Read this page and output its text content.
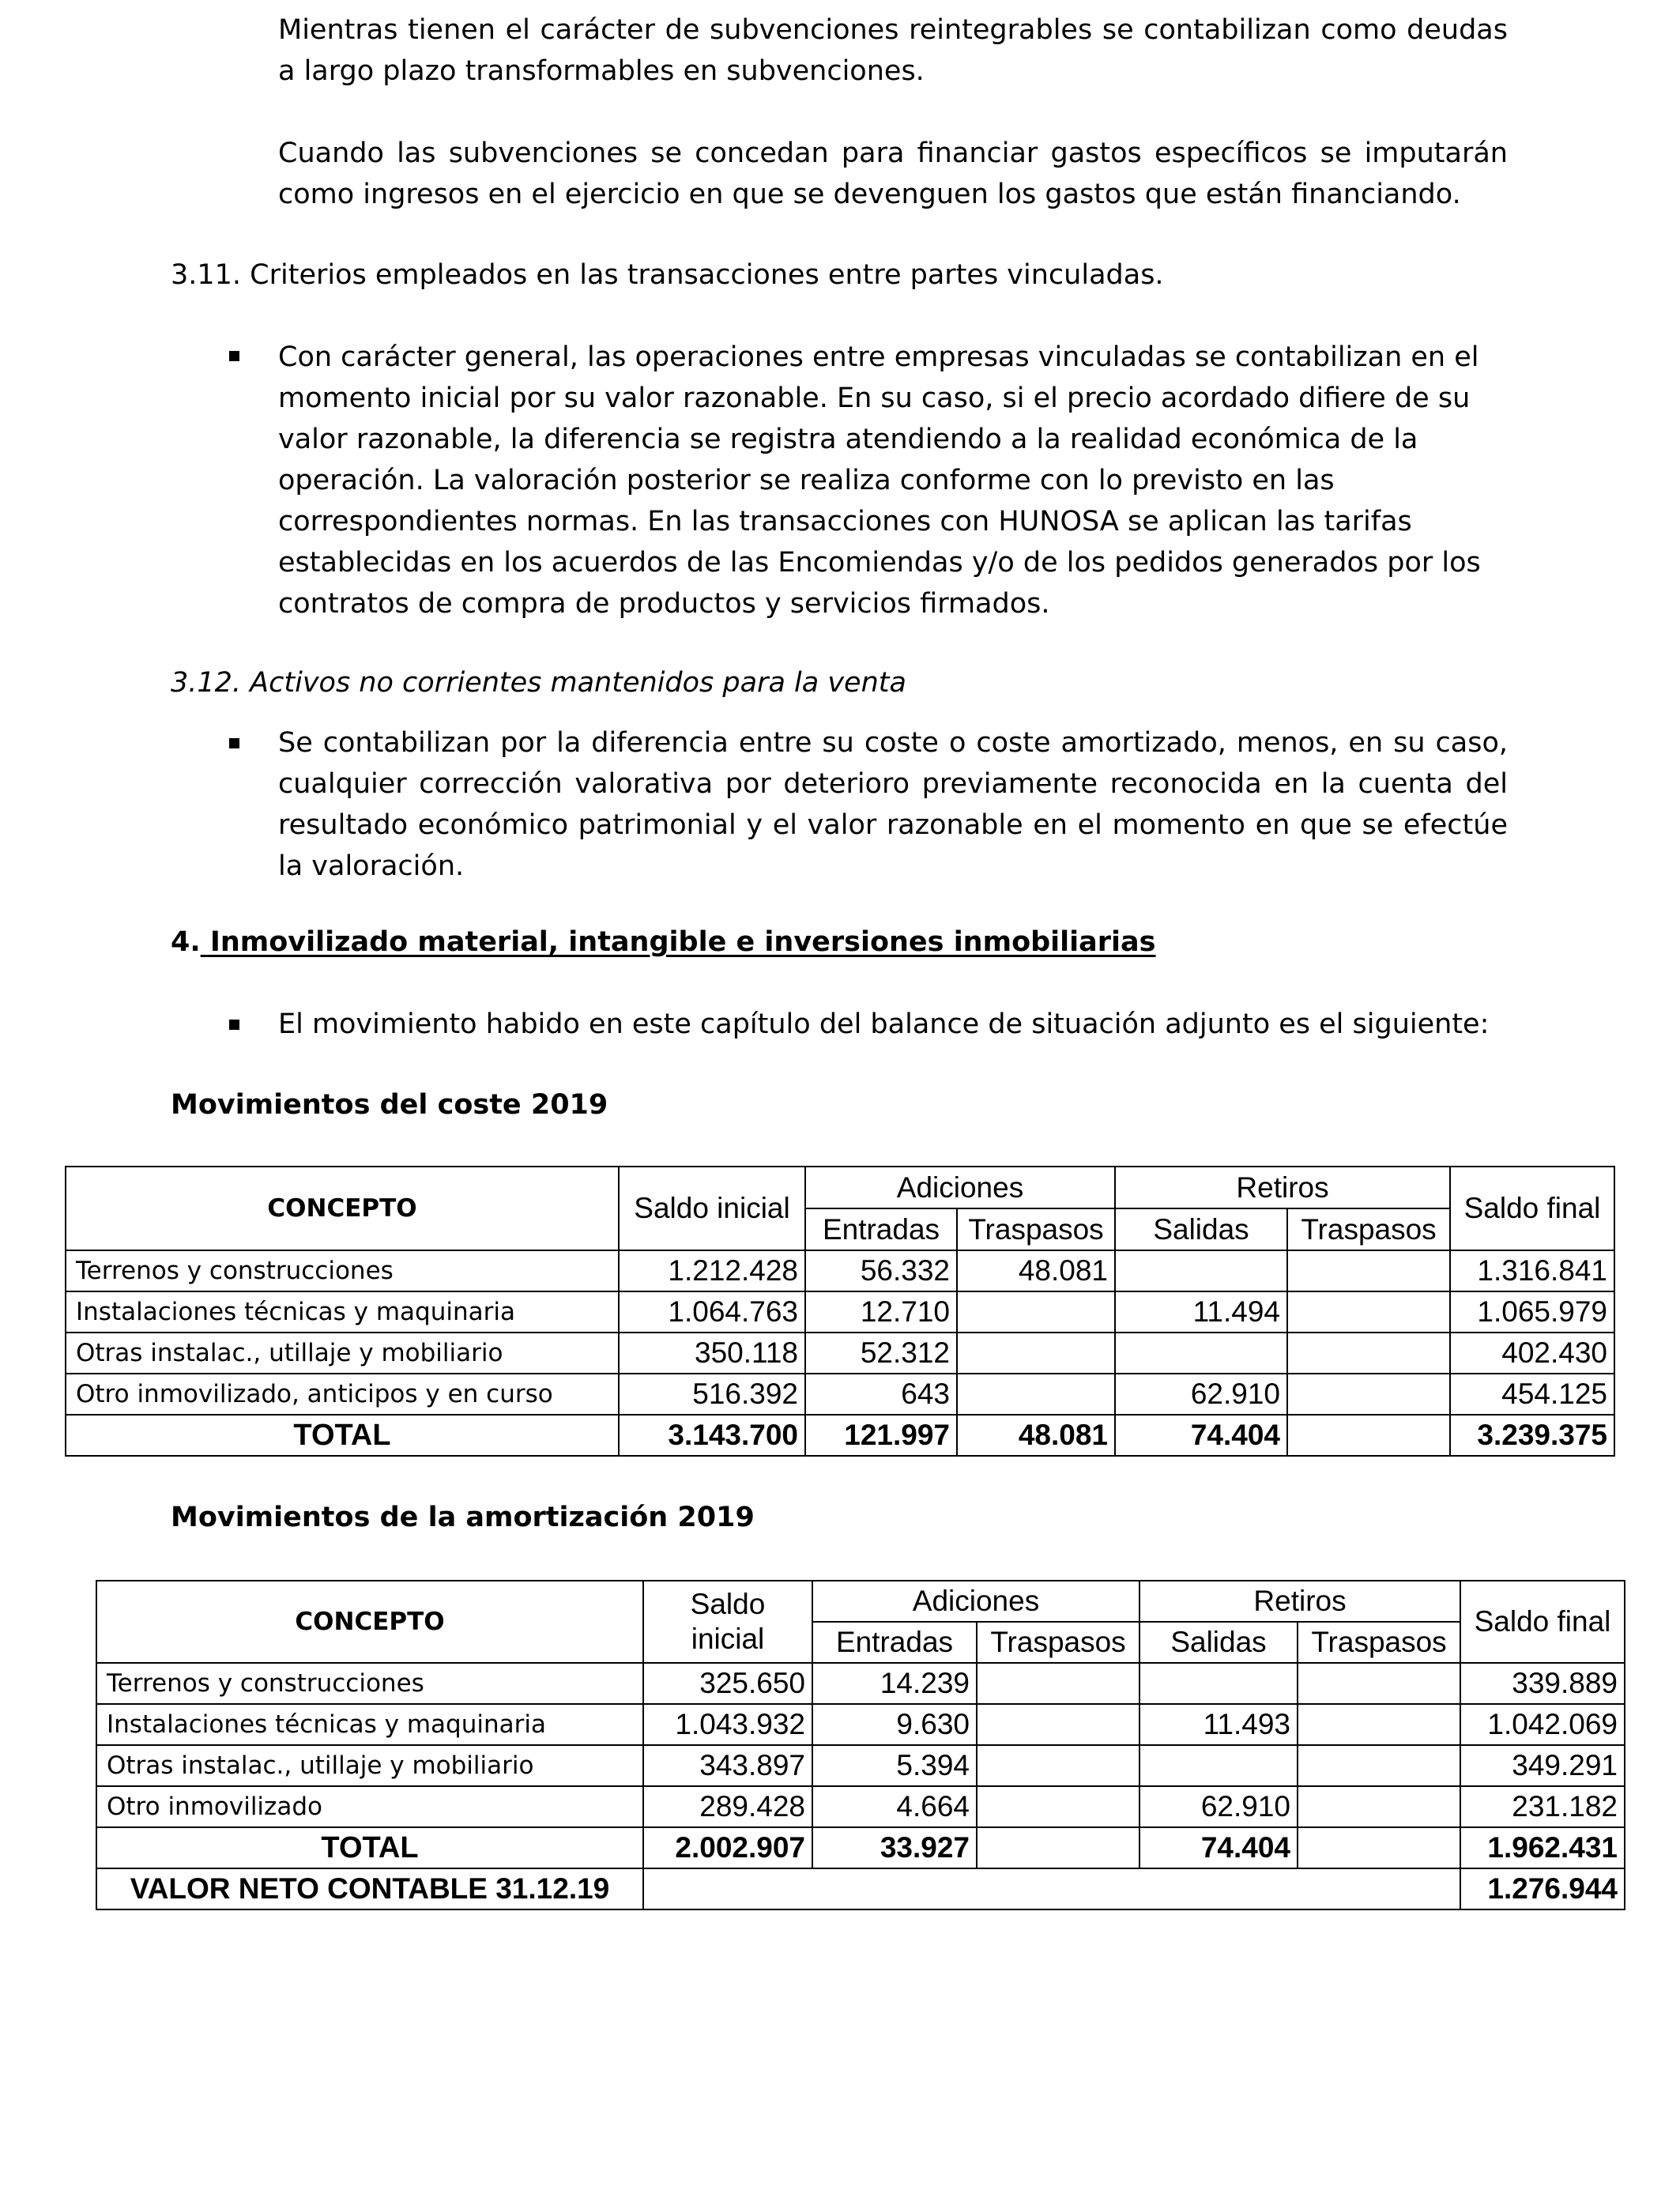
Mientras tienen el carácter de subvenciones reintegrables se contabilizan como deudas a largo plazo transformables en subvenciones.

Cuando las subvenciones se concedan para financiar gastos específicos se imputarán como ingresos en el ejercicio en que se devenguen los gastos que están financiando.

3.11. Criterios empleados en las transacciones entre partes vinculadas.

Con carácter general, las operaciones entre empresas vinculadas se contabilizan en el momento inicial por su valor razonable. En su caso, si el precio acordado difiere de su valor razonable, la diferencia se registra atendiendo a la realidad económica de la operación. La valoración posterior se realiza conforme con lo previsto en las correspondientes normas. En las transacciones con HUNOSA se aplican las tarifas establecidas en los acuerdos de las Encomiendas y/o de los pedidos generados por los contratos de compra de productos y servicios firmados.

3.12. Activos no corrientes mantenidos para la venta

Se contabilizan por la diferencia entre su coste o coste amortizado, menos, en su caso, cualquier corrección valorativa por deterioro previamente reconocida en la cuenta del resultado económico patrimonial y el valor razonable en el momento en que se efectúe la valoración.

4. Inmovilizado material, intangible e inversiones inmobiliarias

El movimiento habido en este capítulo del balance de situación adjunto es el siguiente:

Movimientos del coste 2019

CONCEPTO	Saldo inicial	Adiciones		Retiros		Saldo final
		Entradas	Traspasos	Salidas	Traspasos	
Terrenos y construcciones	1.212.428	56.332	48.081			1.316.841
Instalaciones técnicas y maquinaria	1.064.763	12.710		11.494		1.065.979
Otras instalac., utillaje y mobiliario	350.118	52.312				402.430
Otro inmovilizado, anticipos y en curso	516.392	643		62.910		454.125
TOTAL	3.143.700	121.997	48.081	74.404		3.239.375

Movimientos de la amortización 2019

CONCEPTO	Saldo inicial	Adiciones		Retiros		Saldo final
		Entradas	Traspasos	Salidas	Traspasos	
Terrenos y construcciones	325.650	14.239				339.889
Instalaciones técnicas y maquinaria	1.043.932	9.630		11.493		1.042.069
Otras instalac., utillaje y mobiliario	343.897	5.394				349.291
Otro inmovilizado	289.428	4.664		62.910		231.182
TOTAL	2.002.907	33.927		74.404		1.962.431
VALOR NETO CONTABLE 31.12.19						1.276.944
